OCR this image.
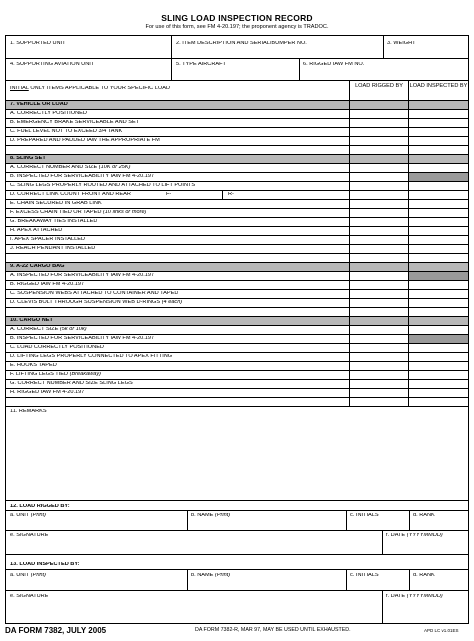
SLING LOAD INSPECTION RECORD
For use of this form, see FM 4-20.197; the proponent agency is TRADOC.
1. SUPPORTED UNIT	2. ITEM DESCRIPTION AND SERIAL/BUMPER NO.	3. WEIGHT
4. SUPPORTING AVIATION UNIT	5. TYPE AIRCRAFT	6. RIGGED IAW FM NO.
INITIAL ONLY ITEMS APPLICABLE TO YOUR SPECIFIC LOAD	LOAD RIGGED BY	LOAD INSPECTED BY
7. VEHICLE OR LOAD
A. CORRECTLY POSITIONED
B. EMERGENCY BRAKE SERVICEABLE AND SET
C. FUEL LEVEL NOT TO EXCEED 3/4 TANK
D. PREPARED AND PADDED IAW THE APPROPRIATE FM
8. SLING SET
A. CORRECT NUMBER AND SIZE (10K or 25K)
B. INSPECTED FOR SERVICEABILITY IAW FM 4-20.197
C. SLING LEGS PROPERLY ROUTED AND ATTACHED TO LIFT POINTS
D. CORRECT LINK COUNT FRONT AND REAR	F-	R-
E. CHAIN SECURED IN GRAB LINK
F. EXCESS CHAIN TIED OR TAPED (10 links or more)
G. BREAKAWAY TIES INSTALLED
H. APEX ATTACHED
I. APEX SPACER INSTALLED
J. REACH PENDANT INSTALLED
9. A-22 CARGO BAG
A. INSPECTED FOR SERVICEABILITY IAW FM 4-20.197
B. RIGGED IAW FM 4-20.197
C. SUSPENSION WEBS ATTACHED TO CONTAINER AND TAPED
D. CLEVIS BOLT THROUGH SUSPENSION WEB D-RINGS (4 each)
10. CARGO NET
A. CORRECT SIZE (5k or 10k)
B. INSPECTED FOR SERVICEABILITY IAW FM 4-20.197
C. LOAD CORRECTLY POSITIONED
D. LIFTING LEGS PROPERLY CONNECTED TO APEX FITTING
E. HOOKS TAPED
F. LIFTING LEGS TIED (Breakaway)
G. CORRECT NUMBER AND SIZE SLING LEGS
H. RIGGED IAW FM 4-20.197
11. REMARKS
12. LOAD RIGGED BY:
a. UNIT (Print)	b. NAME (Print)	c. INITIALS	d. RANK
e. SIGNATURE	f. DATE (YYYYMMDD)
13. LOAD INSPECTED BY:
a. UNIT (Print)	b. NAME (Print)	c. INITIALS	d. RANK
e. SIGNATURE	f. DATE (YYYYMMDD)
DA FORM 7382, JULY 2005	DA FORM 7382-R, MAR 97, MAY BE USED UNTIL EXHAUSTED.	APD LC v1.01ES
